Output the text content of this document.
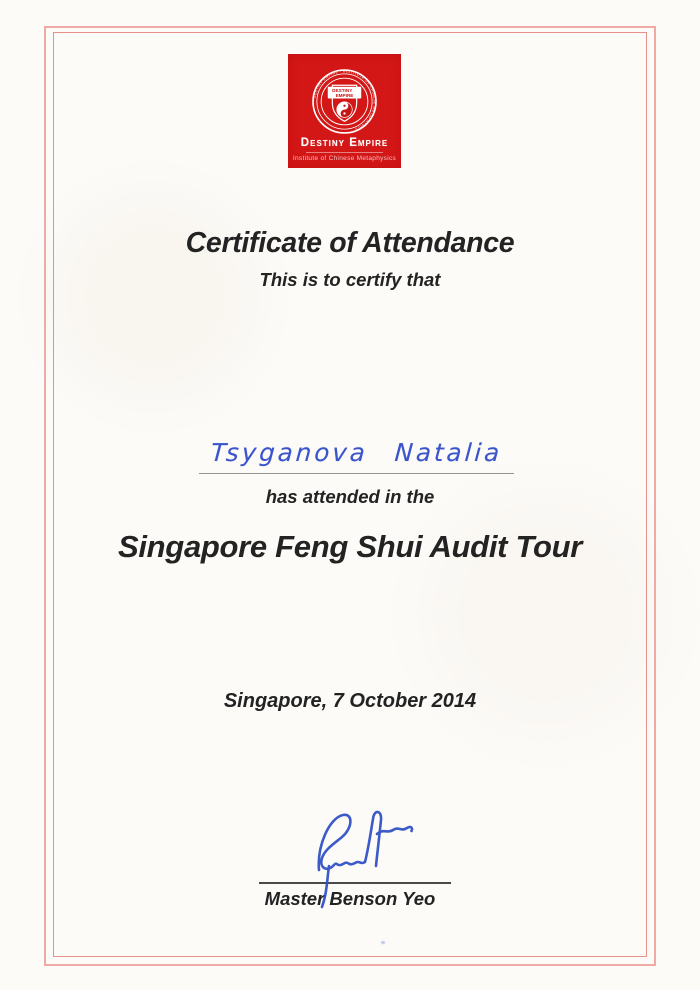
· DESTINY EMPIRE · INSTITUTE OF CHINESE METAPHYSICS ·
DESTINY EMPIRE
Destiny Empire
Institute of Chinese Metaphysics
Certificate of Attendance
This is to certify that
Tsyganova Natalia
has attended in the
Singapore Feng Shui Audit Tour
Singapore, 7 October 2014
Master Benson Yeo
